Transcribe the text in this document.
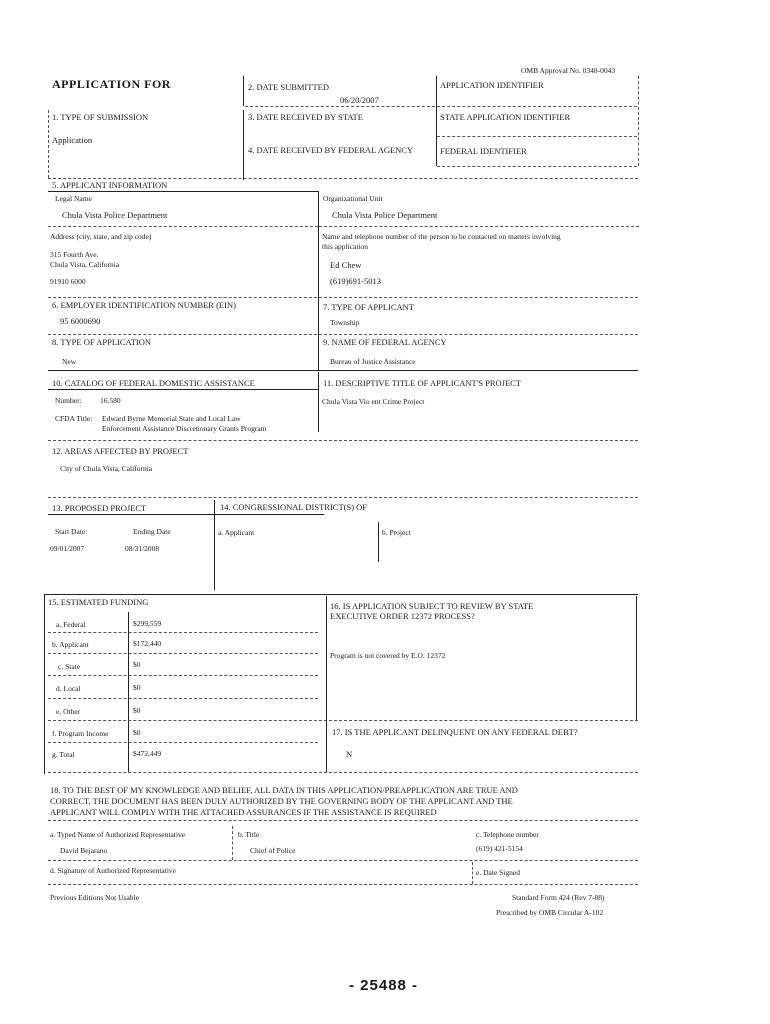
OMB Approval No. 0348-0043
APPLICATION FOR	2. DATE SUBMITTED
06/20/2007
APPLICATION IDENTIFIER
1. TYPE OF SUBMISSION
Application
3. DATE RECEIVED BY STATE	STATE APPLICATION IDENTIFIER
4. DATE RECEIVED BY FEDERAL AGENCY	FEDERAL IDENTIFIER
5. APPLICANT INFORMATION
Legal Name
Chula Vista Police Department
Organizational Unit
Chula Vista Police Department
Address (city, state, and zip code)
315 Fourth Ave.
Chula Vista, California
91910 6000
Name and telephone number of the person to be contacted on matters involving
this application
Ed Chew
(619)691-5013
6. EMPLOYER IDENTIFICATION NUMBER (EIN)
95 6000690
7. TYPE OF APPLICANT
Township
8. TYPE OF APPLICATION
New
9. NAME OF FEDERAL AGENCY
Bureau of Justice Assistance
10. CATALOG OF FEDERAL DOMESTIC ASSISTANCE
Number: 16.580
CFDA Title: Edward Byrne Memorial State and Local Law
Enforcement Assistance Discretionary Grants Program
11. DESCRIPTIVE TITLE OF APPLICANT'S PROJECT
Chula Vista Vio ent Crime Project
12. AREAS AFFECTED BY PROJECT
City of Chula Vista, California
13. PROPOSED PROJECT
Start Date:	Ending Date
09/01/2007	08/31/2008
14. CONGRESSIONAL DISTRICT(S) OF
a. Applicant	b. Project
15. ESTIMATED FUNDING
a. Federal	$299,559
b. Applicant	$172,440
c. State	$0
d. Local	$0
e. Other	$0
f. Program Income	$0
g. Total	$472,449
16. IS APPLICATION SUBJECT TO REVIEW BY STATE
EXECUTIVE ORDER 12372 PROCESS?
Program is not covered by E.O. 12372
17. IS THE APPLICANT DELINQUENT ON ANY FEDERAL DEBT?
N
18. TO THE BEST OF MY KNOWLEDGE AND BELIEF, ALL DATA IN THIS APPLICATION/PREAPPLICATION ARE TRUE AND
CORRECT, THE DOCUMENT HAS BEEN DULY AUTHORIZED BY THE GOVERNING BODY OF THE APPLICANT AND THE
APPLICANT WILL COMPLY WITH THE ATTACHED ASSURANCES IF THE ASSISTANCE IS REQUIRED
a. Typed Name of Authorized Representative
David Bejarano
b. Title
Chief of Police
c. Telephone number
(619) 421-5154
d. Signature of Authorized Representative	e. Date Signed
Previous Editions Not Usable	Standard Form 424 (Rev 7-88)
Prescribed by OMB Circular A-102
- 25488 -
